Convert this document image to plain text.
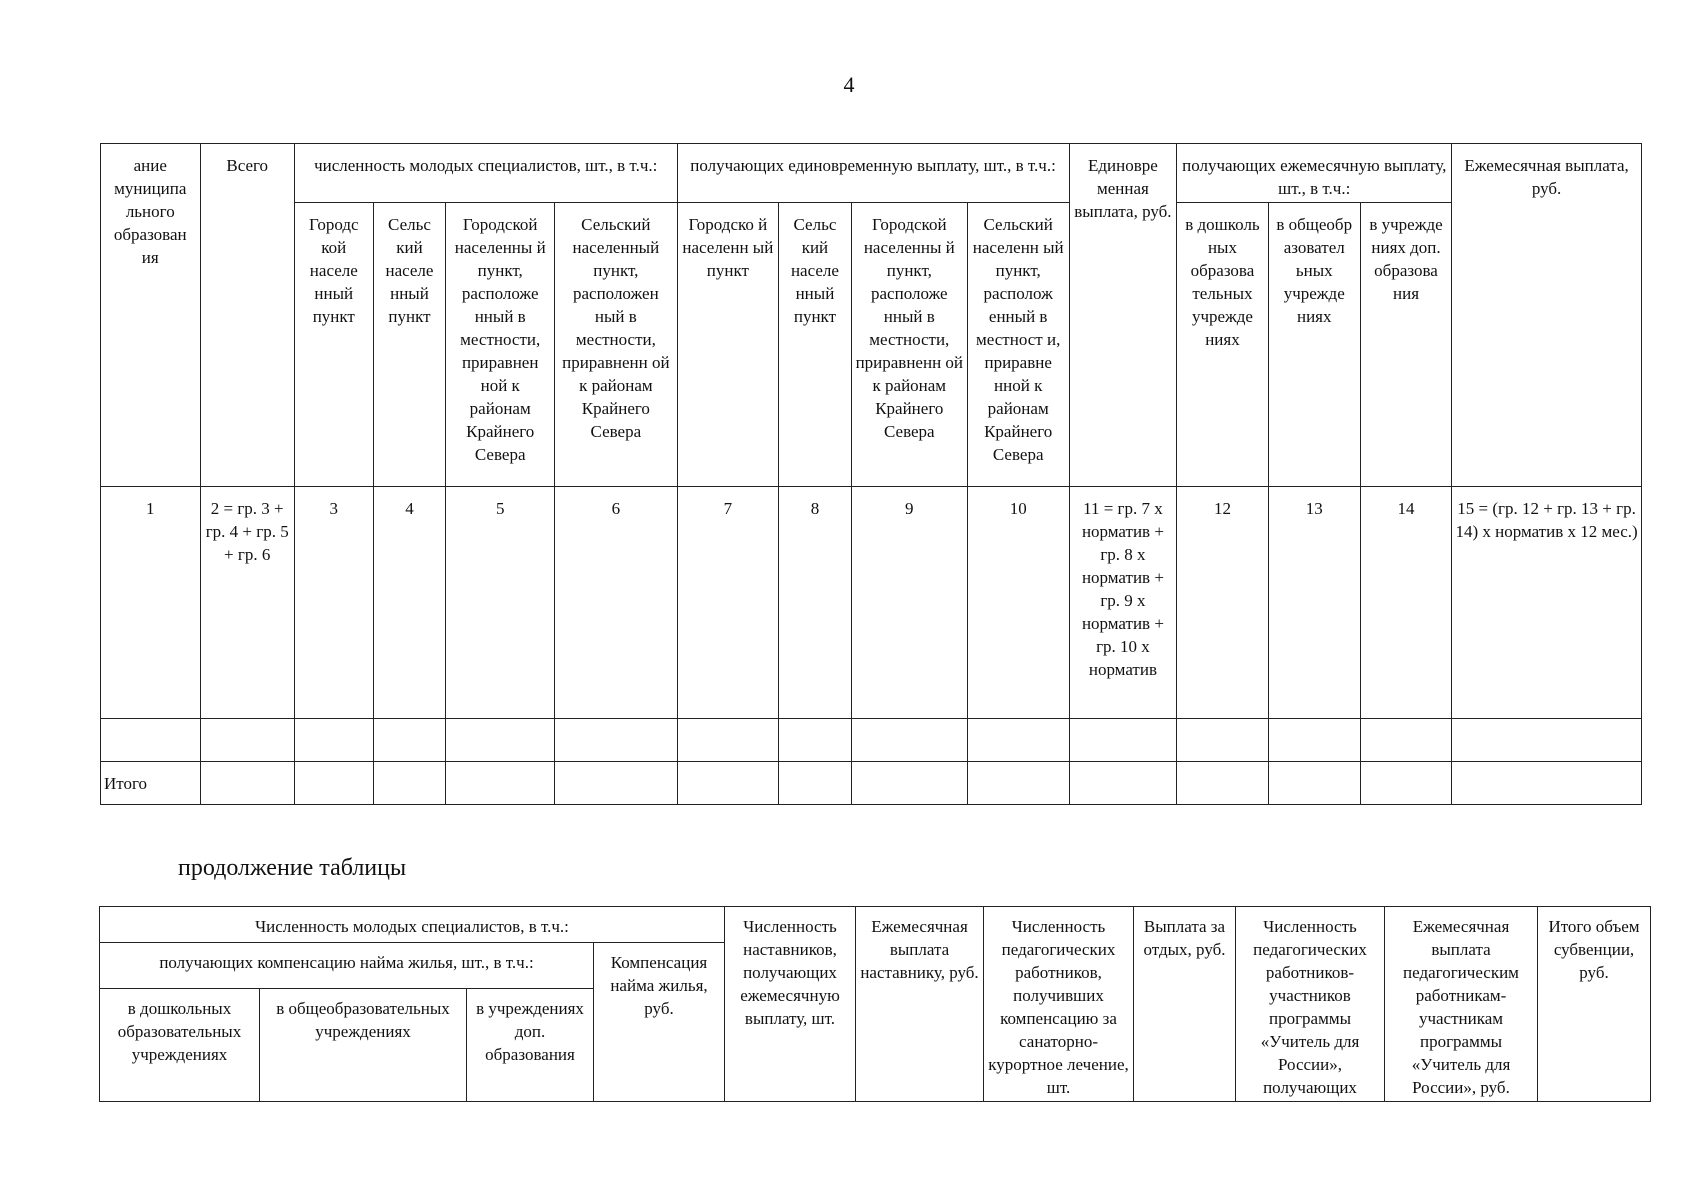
4
ание муниципа льного образован ия	Всего	численность молодых специалистов, шт., в т.ч.:				получающих единовременную выплату, шт., в т.ч.:				Единовре менная выплата, руб.	получающих ежемесячную выплату, шт., в т.ч.:			Ежемесячная выплата, руб.
		Городс кой населе нный пункт	Сельс кий населе нный пункт	Городской населенны й пункт, расположе нный в местности, приравнен ной к районам Крайнего Севера	Сельский населенный пункт, расположен ный в местности, приравненн ой к районам Крайнего Севера	Городско й населенн ый пункт	Сельс кий населе нный пункт	Городской населенны й пункт, расположе нный в местности, приравненн ой к районам Крайнего Севера	Сельский населенн ый пункт, располож енный в местност и, приравне нной к районам Крайнего Севера		в дошколь ных образова тельных учрежде ниях	в общеобр азовател ьных учрежде ниях	в учрежде ниях доп. образова ния	
1	2 = гр. 3 + гр. 4 + гр. 5 + гр. 6	3	4	5	6	7	8	9	10	11 = гр. 7 х норматив + гр. 8 х норматив + гр. 9 х норматив + гр. 10 х норматив	12	13	14	15 = (гр. 12 + гр. 13 + гр. 14) х норматив х 12 мес.)

Итого														
продолжение таблицы
Численность молодых специалистов, в т.ч.:				Численность наставников, получающих ежемесячную выплату, шт.	Ежемесячная выплата наставнику, руб.	Численность педагогических работников, получивших компенсацию за санаторно-курортное лечение, шт.	Выплата за отдых, руб.	Численность педагогических работников-участников программы «Учитель для России», получающих	Ежемесячная выплата педагогическим работникам-участникам программы «Учитель для России», руб.	Итого объем субвенции, руб.
получающих компенсацию найма жилья, шт., в т.ч.:			Компенсация найма жилья, руб.							
в дошкольных образовательных учреждениях	в общеобразовательных учреждениях	в учреждениях доп. образования								
